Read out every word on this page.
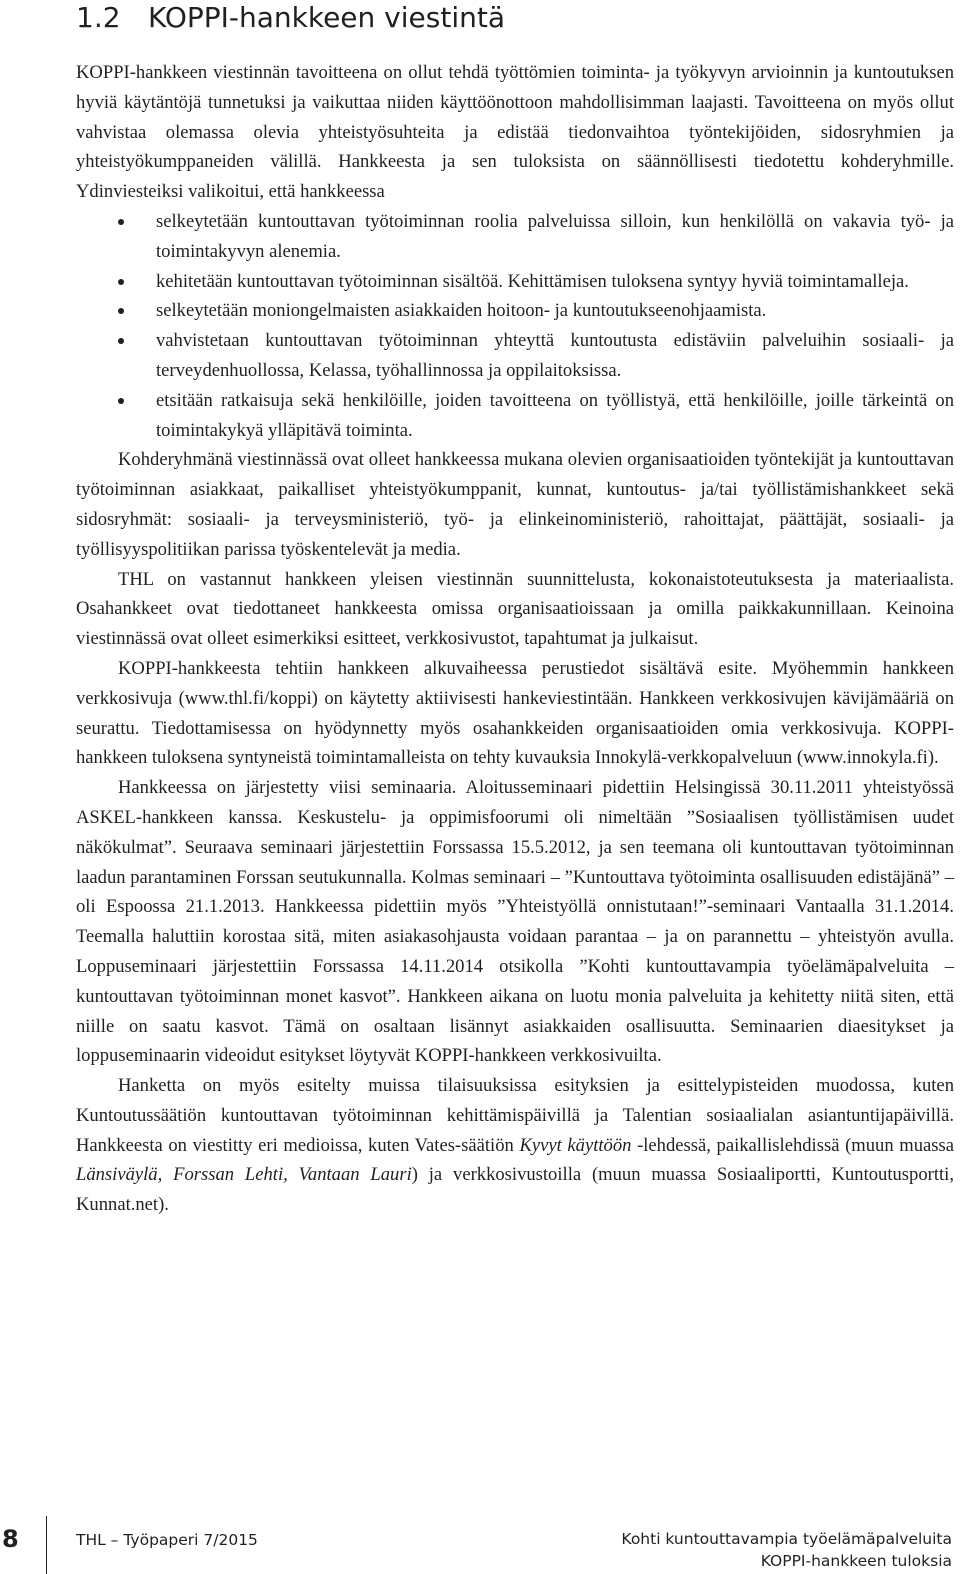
1.2 KOPPI-hankkeen viestintä

KOPPI-hankkeen viestinnän tavoitteena on ollut tehdä työttömien toiminta- ja työkyvyn arvioinnin ja kuntoutuksen hyviä käytäntöjä tunnetuksi ja vaikuttaa niiden käyttöönottoon mahdollisimman laajasti. Tavoitteena on myös ollut vahvistaa olemassa olevia yhteistyösuhteita ja edistää tiedonvaihtoa työntekijöiden, sidosryhmien ja yhteistyökumppaneiden välillä. Hankkeesta ja sen tuloksista on säännöllisesti tiedotettu kohderyhmille. Ydinviesteiksi valikoitui, että hankkeessa

selkeytetään kuntouttavan työtoiminnan roolia palveluissa silloin, kun henkilöllä on vakavia työ- ja toimintakyvyn alenemia.
kehitetään kuntouttavan työtoiminnan sisältöä. Kehittämisen tuloksena syntyy hyviä toimintamalleja.
selkeytetään moniongelmaisten asiakkaiden hoitoon- ja kuntoutukseenohjaamista.
vahvistetaan kuntouttavan työtoiminnan yhteyttä kuntoutusta edistäviin palveluihin sosiaali- ja terveydenhuollossa, Kelassa, työhallinnossa ja oppilaitoksissa.
etsitään ratkaisuja sekä henkilöille, joiden tavoitteena on työllistyä, että henkilöille, joille tärkeintä on toimintakykyä ylläpitävä toiminta.

Kohderyhmänä viestinnässä ovat olleet hankkeessa mukana olevien organisaatioiden työntekijät ja kuntouttavan työtoiminnan asiakkaat, paikalliset yhteistyökumppanit, kunnat, kuntoutus- ja/tai työllistämishankkeet sekä sidosryhmät: sosiaali- ja terveysministeriö, työ- ja elinkeinoministeriö, rahoittajat, päättäjät, sosiaali- ja työllisyyspolitiikan parissa työskentelevät ja media.

THL on vastannut hankkeen yleisen viestinnän suunnittelusta, kokonaistoteutuksesta ja materiaalista. Osahankkeet ovat tiedottaneet hankkeesta omissa organisaatioissaan ja omilla paikkakunnillaan. Keinoina viestinnässä ovat olleet esimerkiksi esitteet, verkkosivustot, tapahtumat ja julkaisut.

KOPPI-hankkeesta tehtiin hankkeen alkuvaiheessa perustiedot sisältävä esite. Myöhemmin hankkeen verkkosivuja (www.thl.fi/koppi) on käytetty aktiivisesti hankeviestintään. Hankkeen verkkosivujen kävijämääriä on seurattu. Tiedottamisessa on hyödynnetty myös osahankkeiden organisaatioiden omia verkkosivuja. KOPPI-hankkeen tuloksena syntyneistä toimintamalleista on tehty kuvauksia Innokylä-verkkopalveluun (www.innokyla.fi).

Hankkeessa on järjestetty viisi seminaaria. Aloitusseminaari pidettiin Helsingissä 30.11.2011 yhteistyössä ASKEL-hankkeen kanssa. Keskustelu- ja oppimisfoorumi oli nimeltään ”Sosiaalisen työllistämisen uudet näkökulmat”. Seuraava seminaari järjestettiin Forssassa 15.5.2012, ja sen teemana oli kuntouttavan työtoiminnan laadun parantaminen Forssan seutukunnalla. Kolmas seminaari – ”Kuntouttava työtoiminta osallisuuden edistäjänä” – oli Espoossa 21.1.2013. Hankkeessa pidettiin myös ”Yhteistyöllä onnistutaan!”-seminaari Vantaalla 31.1.2014. Teemalla haluttiin korostaa sitä, miten asiakasohjausta voidaan parantaa – ja on parannettu – yhteistyön avulla. Loppuseminaari järjestettiin Forssassa 14.11.2014 otsikolla ”Kohti kuntouttavampia työelämäpalveluita – kuntouttavan työtoiminnan monet kasvot”. Hankkeen aikana on luotu monia palveluita ja kehitetty niitä siten, että niille on saatu kasvot. Tämä on osaltaan lisännyt asiakkaiden osallisuutta. Seminaarien diaesitykset ja loppuseminaarin videoidut esitykset löytyvät KOPPI-hankkeen verkkosivuilta.

Hanketta on myös esitelty muissa tilaisuuksissa esityksien ja esittelypisteiden muodossa, kuten Kuntoutussäätiön kuntouttavan työtoiminnan kehittämispäivillä ja Talentian sosiaalialan asiantuntijapäivillä. Hankkeesta on viestitty eri medioissa, kuten Vates-säätiön Kyvyt käyttöön -lehdessä, paikallislehdissä (muun muassa Länsiväylä, Forssan Lehti, Vantaan Lauri) ja verkkosivustoilla (muun muassa Sosiaaliportti, Kuntoutusportti, Kunnat.net).

8	THL – Työpaperi 7/2015	Kohti kuntouttavampia työelämäpalveluita
KOPPI-hankkeen tuloksia
